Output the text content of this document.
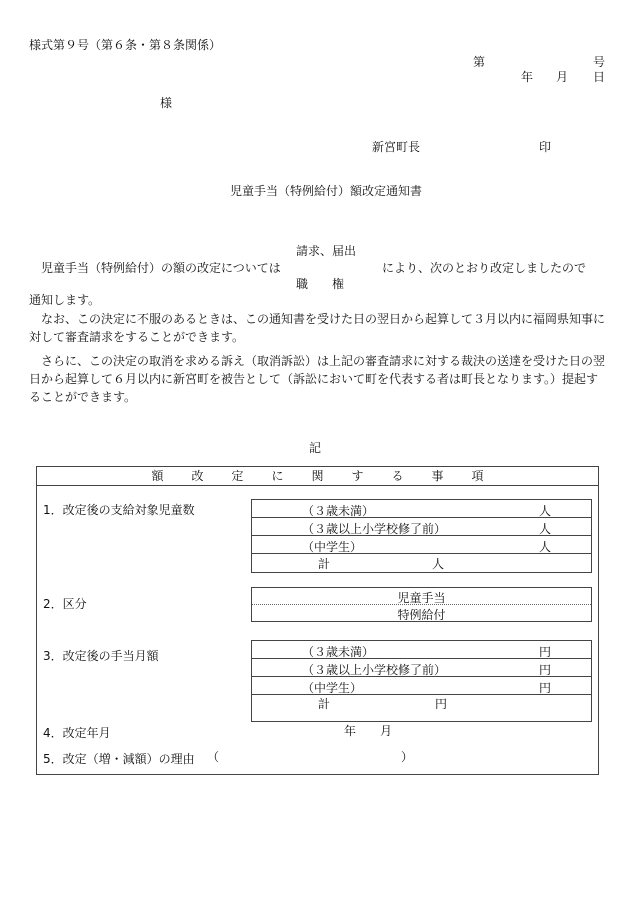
様式第９号（第６条・第８条関係）
第	号
年 月 日
様
新宮町長	印
児童手当（特例給付）額改定通知書
請求、届出
児童手当（特例給付）の額の改定については	により、次のとおり改定しましたので
職　　権
通知します。

なお、この決定に不服のあるときは、この通知書を受けた日の翌日から起算して３月以内に福岡県知事に対して審査請求をすることができます。

さらに、この決定の取消を求める訴え（取消訴訟）は上記の審査請求に対する裁決の送達を受けた日の翌日から起算して６月以内に新宮町を被告として（訴訟において町を代表する者は町長となります。）提起することができます。

記
額改定に関する事項
1．改定後の支給対象児童数	（３歳未満）	人
（３歳以上小学校修了前）	人
（中学生）	人
計	人
2．区分	児童手当
特例給付
3．改定後の手当月額	（３歳未満）	円
（３歳以上小学校修了前）	円
（中学生）	円
計	円
4．改定年月	年 月
5．改定（増・減額）の理由 （	）
